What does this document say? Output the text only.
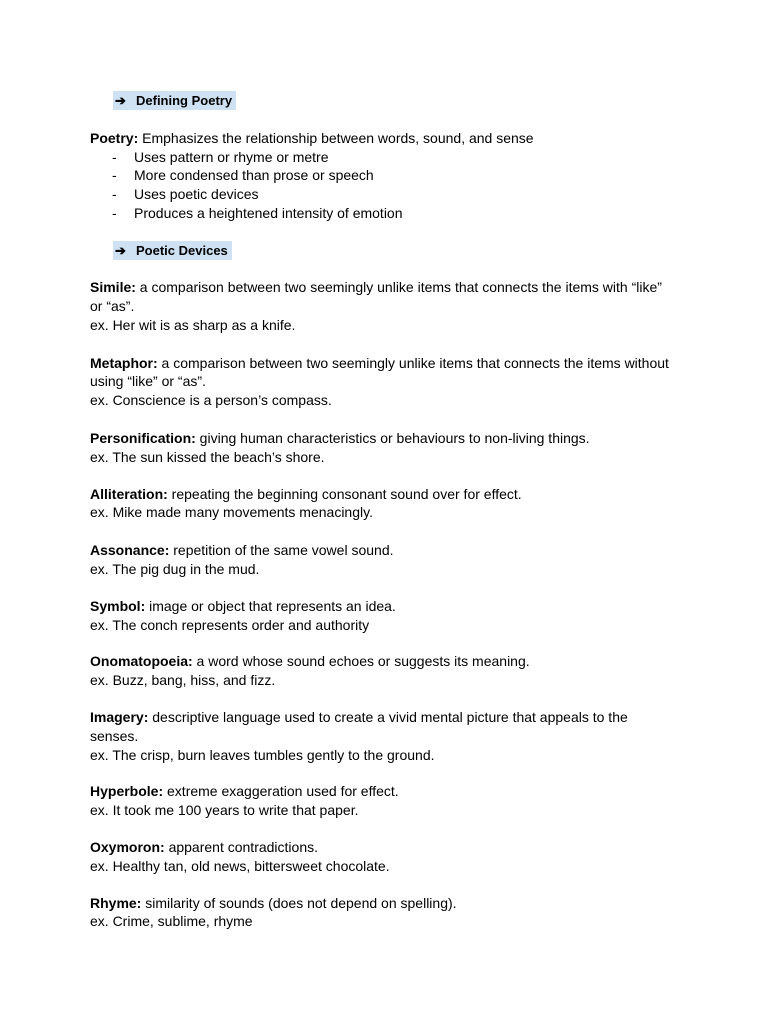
➔ Defining Poetry
Poetry: Emphasizes the relationship between words, sound, and sense
-	Uses pattern or rhyme or metre
-	More condensed than prose or speech
-	Uses poetic devices
-	Produces a heightened intensity of emotion
➔ Poetic Devices
Simile: a comparison between two seemingly unlike items that connects the items with “like” or “as”.
ex. Her wit is as sharp as a knife.
Metaphor: a comparison between two seemingly unlike items that connects the items without using “like” or “as”.
ex. Conscience is a person’s compass.
Personification: giving human characteristics or behaviours to non-living things.
ex. The sun kissed the beach’s shore.
Alliteration: repeating the beginning consonant sound over for effect.
ex. Mike made many movements menacingly.
Assonance: repetition of the same vowel sound.
ex. The pig dug in the mud.
Symbol: image or object that represents an idea.
ex. The conch represents order and authority
Onomatopoeia: a word whose sound echoes or suggests its meaning.
ex. Buzz, bang, hiss, and fizz.
Imagery: descriptive language used to create a vivid mental picture that appeals to the senses.
ex. The crisp, burn leaves tumbles gently to the ground.
Hyperbole: extreme exaggeration used for effect.
ex. It took me 100 years to write that paper.
Oxymoron: apparent contradictions.
ex. Healthy tan, old news, bittersweet chocolate.
Rhyme: similarity of sounds (does not depend on spelling).
ex. Crime, sublime, rhyme
